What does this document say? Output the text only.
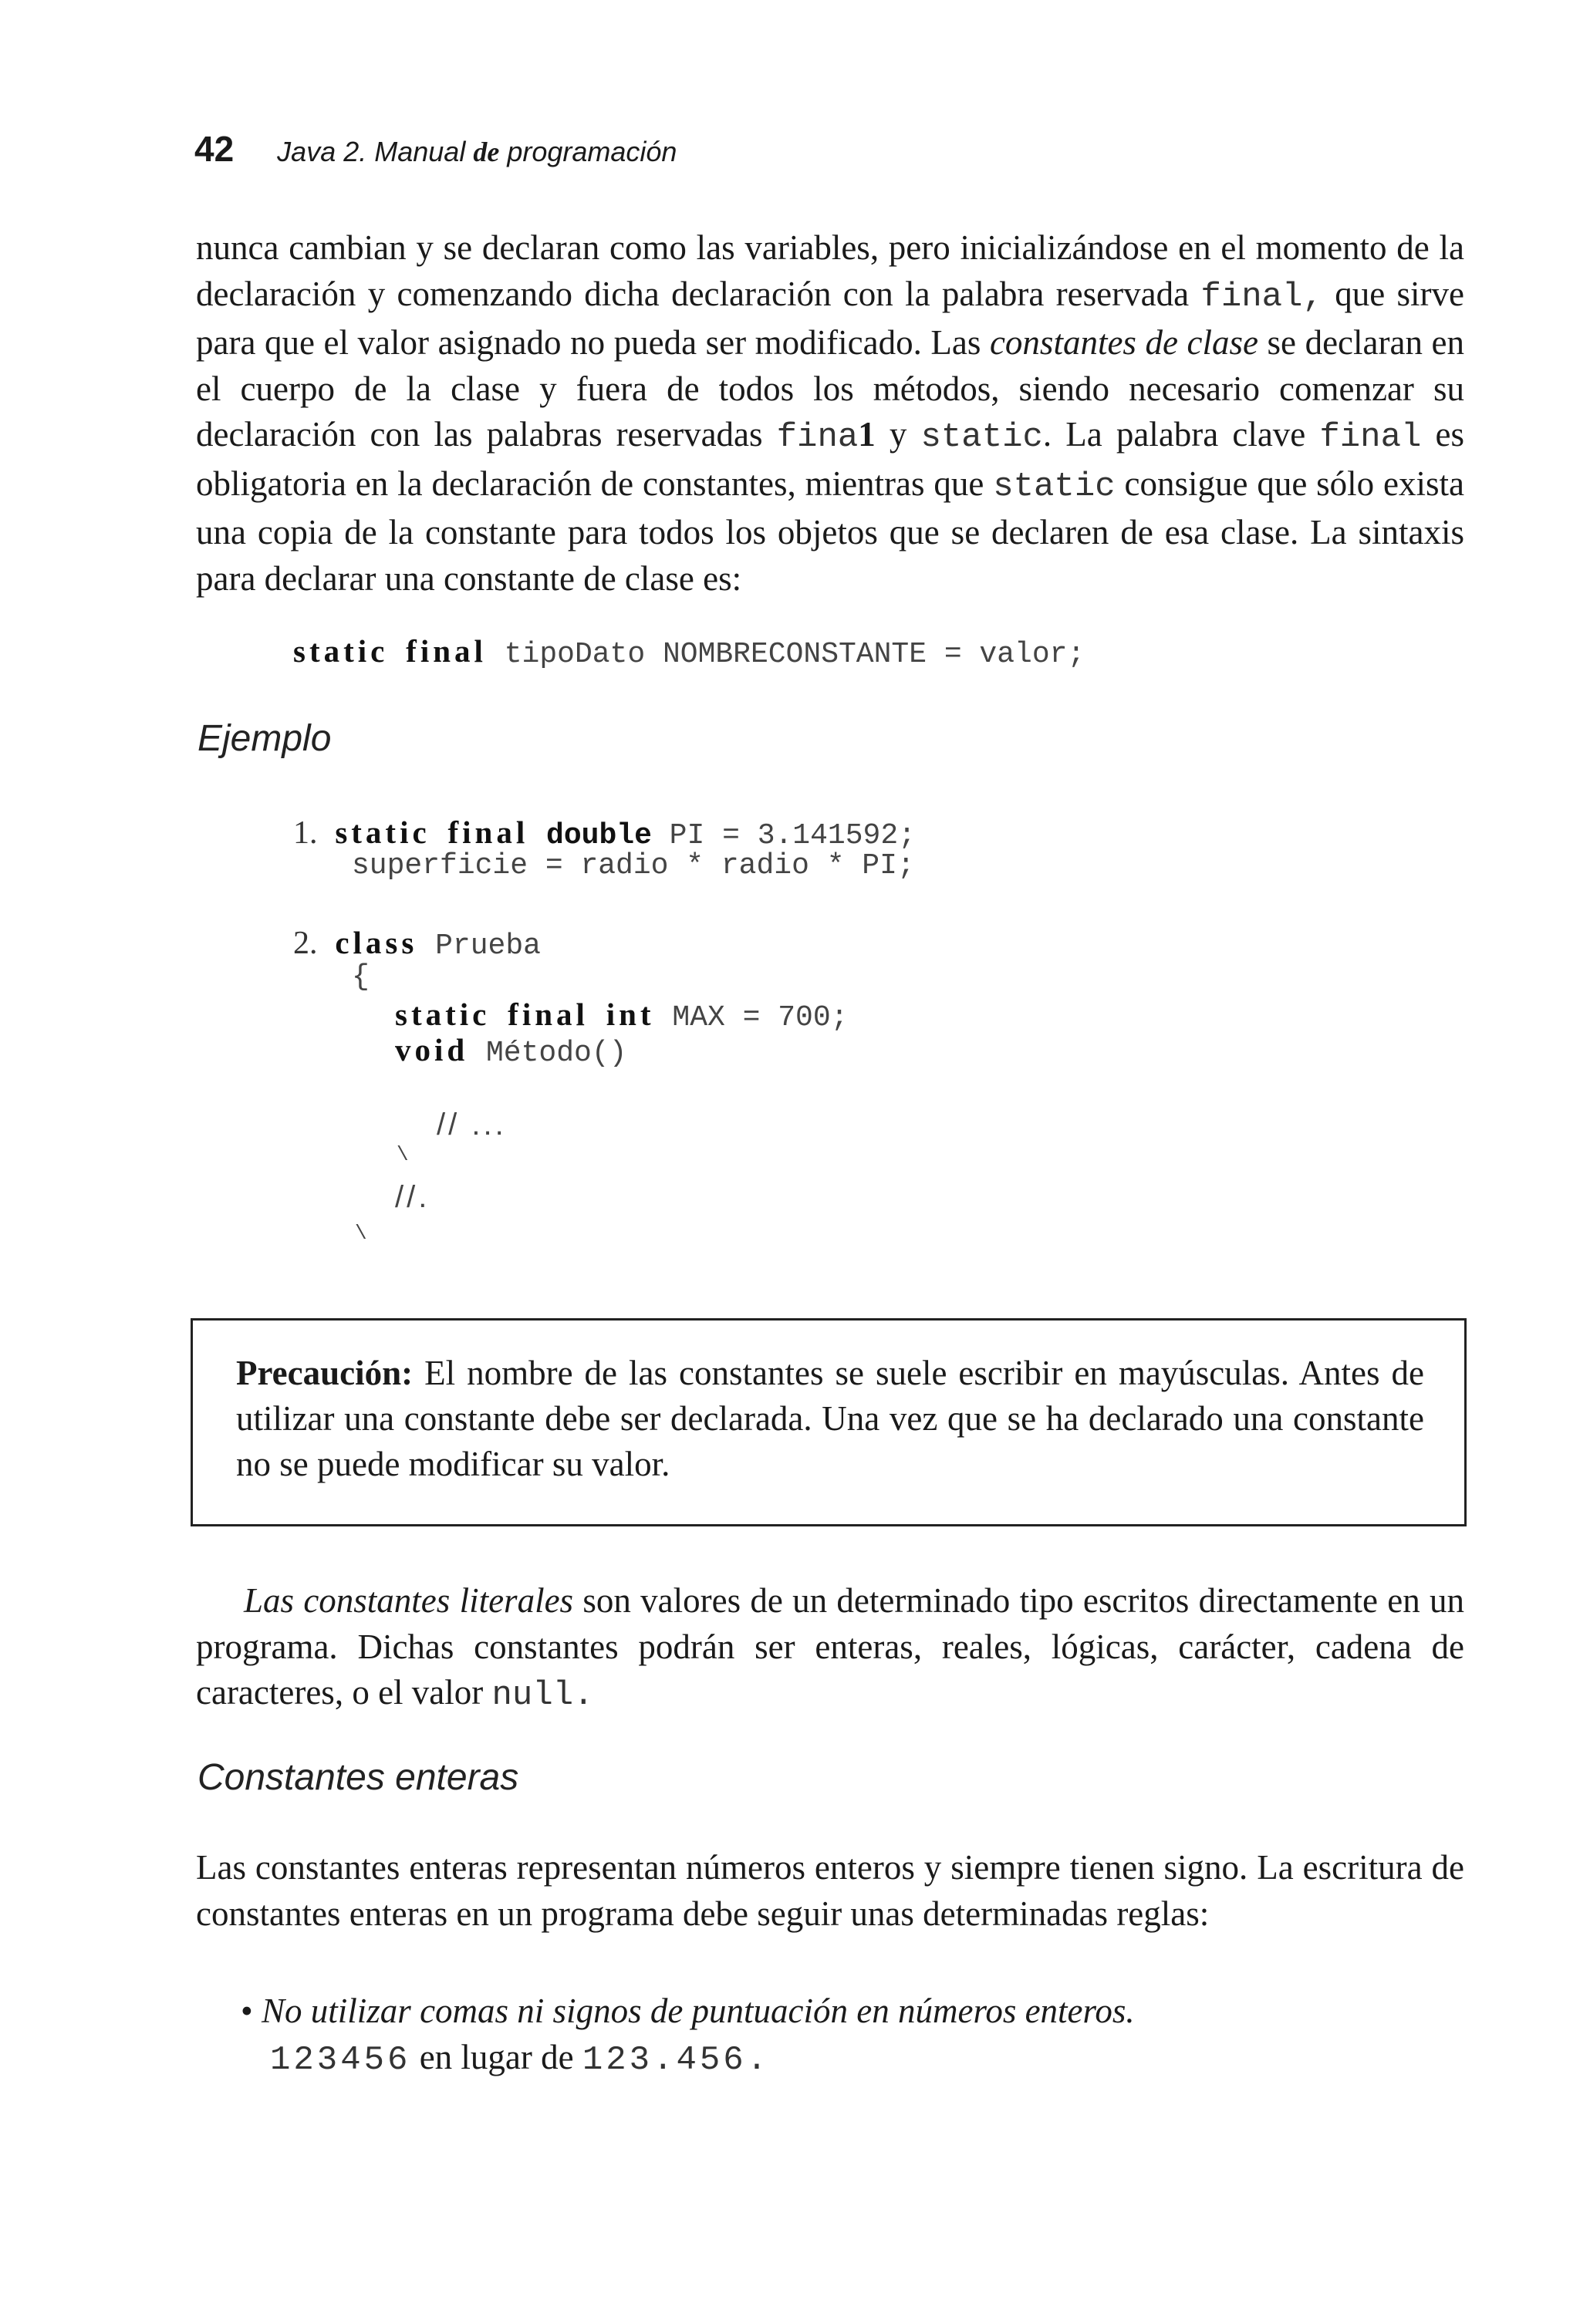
42 Java 2. Manual de programación

nunca cambian y se declaran como las variables, pero inicializándose en el momento de la declaración y comenzando dicha declaración con la palabra reservada final, que sirve para que el valor asignado no pueda ser modificado. Las constantes de clase se declaran en el cuerpo de la clase y fuera de todos los métodos, siendo necesario comenzar su declaración con las palabras reservadas fina1 y static. La palabra clave final es obligatoria en la declaración de constantes, mientras que static consigue que sólo exista una copia de la constante para todos los objetos que se declaren de esa clase. La sintaxis para declarar una constante de clase es:

static final tipoDato NOMBRECONSTANTE = valor;
Ejemplo
1. static final double PI = 3.141592;
superficie = radio * radio * PI;
2. class Prueba
{
static final int MAX = 700;
void Método()
// ...
\
//.
\

Precaución: El nombre de las constantes se suele escribir en mayúsculas. Antes de utilizar una constante debe ser declarada. Una vez que se ha declarado una constante no se puede modificar su valor.

Las constantes literales son valores de un determinado tipo escritos directamente en un programa. Dichas constantes podrán ser enteras, reales, lógicas, carácter, cadena de caracteres, o el valor null.

Constantes enteras

Las constantes enteras representan números enteros y siempre tienen signo. La escritura de constantes enteras en un programa debe seguir unas determinadas reglas:

• No utilizar comas ni signos de puntuación en números enteros.
123456 en lugar de 123.456.
